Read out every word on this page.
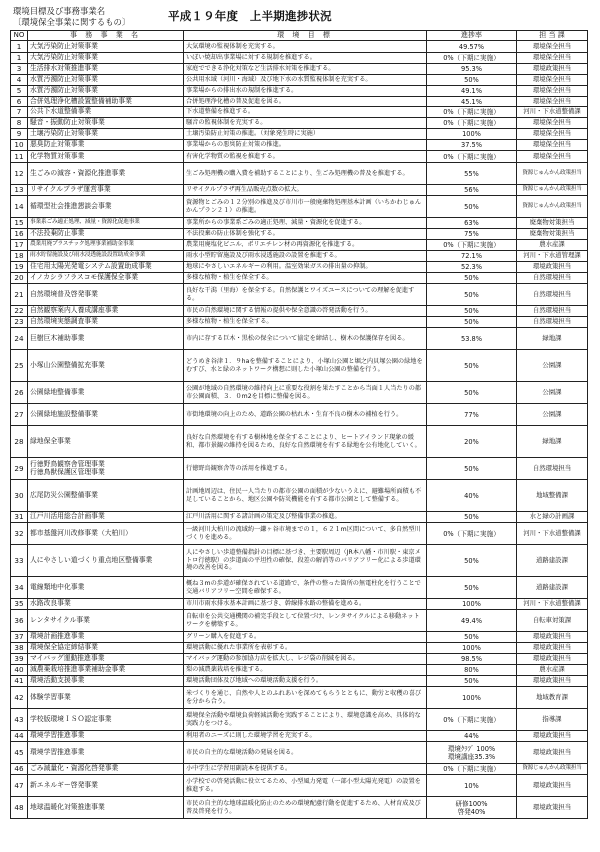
環境目標及び事務事業名
〔環境保全事業に関するもの〕	平成１９年度　上半期進捗状況
NO	事 務 事 業 名	環 境 目 標	進捗率	担 当 課
1	大気汚染防止対策事業	大気環境の監視体制を充実する。	49.57%	環境保全担当
1	大気汚染防止対策事業	いぼい焼却出事業場に対する規制を推進する。	0%（下期に実施）	環境保全担当
3	生活排水対策推進事業	家庭でできる浄化対策など生活排水対策を推進する。	95.3%	環境政策担当
4	水質汚濁防止対策事業	公共用水域（河川・海域）及び地下水の水質監視体制を充実する。	50%	環境保全担当
5	水質汚濁防止対策事業	事業場からの排出水の規制を推進する。	49.1%	環境保全担当
6	合併処理浄化槽設置整備補助事業	合併処理浄化槽の普及促進を図る。	45.1%	環境保全担当
7	公共下水道整備事業	下水道整備を推進する。	0%（下期に実施）	河川・下水道整備課
8	騒音・振動防止対策事業	騒音の監視体制を充実する。	0%（下期に実施）	環境保全担当
9	土壌汚染防止対策事業	土壌汚染防止対策の推進。（対象発生時に実施）	100%	環境保全担当
10	悪臭防止対策事業	事業場からの悪臭防止対策の推進。	37.5%	環境保全担当
11	化学物質対策事業	有害化学物質の監視を推進する。	0%（下期に実施）	環境保全担当
12	生ごみの減容・資源化推進事業	生ごみ処理機の購入費を補助することにより、生ごみ処理機の普及を推進する。	55%	資源じゅんかん政策担当
13	リサイクルプラザ運営事業	リサイクルプラザ再生品販売点数の拡大。	56%	資源じゅんかん政策担当
14	循環型社会推進懇談会事業	資源物とごみの１２分別の推進及び市川市一般廃棄物処理基本計画（いちかわじゅんかんプラン２１）の推進。	50%	資源じゅんかん政策担当
15	事業系ごみ適正処理、減量・資源化促進事業	事業所からの事業系ごみの適正処理、減量・資源化を促進する。	63%	廃棄物対策担当
16	不法投棄防止事業	不法投棄の防止体制を強化する。	75%	廃棄物対策担当
17	農業用廃プラスチック処理事業補助金事業	農業用廃塩化ビニル、ポリエチレン材の再資源化を推進する。	0%（下期に実施）	農水産課
18	雨水貯留施設及び雨水浸透施設設置助成金事業	雨水小型貯留施設及び雨水浸透施設の設置を推進する。	72.1%	河川・下水道管理課
19	住宅用太陽光発電システム設置助成事業	地球にやさしいエネルギーの利用。温室効果ガスの排出量の抑制。	52.3%	環境政策担当
20	イノカシラフラスコモ保護保全事業	多様な植物・植生を保全する。	50%	自然環境担当
21	自然環境普及啓発事業	良好な干潟（里海）を保全する。自然保護とワイズユースについての理解を促進する。	50%	自然環境担当
22	自然観察案内人養成講座事業	市民の自然環境に関する情報の提供や保全意識の啓発活動を行う。	50%	自然環境担当
23	自然環境実態調査事業	多様な植物・植生を保全する。	50%	自然環境担当
24	巨樹巨木補助事業	市内に存する巨木・黒松の保全について協定を締結し、樹木の保護保存を図る。	53.8%	緑地課
25	小塚山公園整備拡充事業	どうめき谷津１．９haを整備することにより、小塚山公園と堀之内貝塚公園の緑地をむすび、水と緑のネットワーク構想に則した小塚山公園の整備を行う。	50%	公園課
26	公園緑地整備事業	公園が地域の自然環境の維持向上に重要な役割を果たすことから当面１人当たりの都市公園面積、３．０m2を目標に整備を図る。	50%	公園課
27	公園緑地施設整備事業	市街地環境の向上のため、道路公園の枯れ木・生育不良の樹木の補植を行う。	77%	公園課
28	緑地保全事業	良好な自然環境を有する樹林地を保全することにより、ヒートアイランド現象の緩和、都市景観の維持を図るため、良好な自然環境を有する緑地を公有地化していく。	20%	緑地課
29	行徳野鳥観察舎管理事業
行徳鳥獣保護区管理事業	行徳野鳥観察舎等の活用を推進する。	50%	自然環境担当
30	広尾防災公園整備事業	計画地周辺は、住民一人当たりの都市公園の面積が少ないうえに、避難場所面積も不足していることから、地区公園や防災機能を有する都市公園として整備する。	40%	地域整備課
31	江戸川活用総合計画事業	江戸川活用に関する諸計画の策定及び整備事業の推進。	50%	水と緑の計画課
32	都市基盤河川改修事業（大柏川）	一級河川大柏川の流域約一鎌ヶ谷市境までの１，６２１m区間について、多自然型川づくりを進める。	0%（下期に実施）	河川・下水道整備課
33	人にやさしい道づくり重点地区整備事業	人にやさしい歩道整備指針の目標に基づき、主要駅周辺（JR本八幡・市川駅・東京メトロ行徳駅）の歩道面の平坦性の確保、段差の解消等のバリアフリー化による歩道環境の改善を図る。	50%	道路建設課
34	電線類地中化事業	概ね３mの歩道が確保されている道路で、条件の整った箇所の無電柱化を行うことで交通バリアフリー空間を確保する。	50%	道路建設課
35	水路改良事業	市川市雨水排水基本計画に基づき、幹線排水路の整備を進める。	100%	河川・下水道整備課
36	レンタサイクル事業	自転車を公共交通機関の補完手段として位置づけ、レンタサイクルによる移動ネットワークを構築する。	49.4%	自転車対策課
37	環境計画推進事業	グリーン購入を促進する。	50%	環境政策担当
38	環境保全協定締結事業	環境活動に優れた事業所を表彰する。	100%	環境政策担当
39	マイバッグ運動推進事業	マイバッグ運動の参加協力店を拡大し、レジ袋の削減を図る。	98.5%	環境政策担当
40	減農薬栽培推進事業補助金事業	梨の減農薬栽培を推進する。	80%	農水産課
41	環境活動支援事業	環境活動団体及び地域への環境活動支援を行う。	50%	環境政策担当
42	体験学習事業	米づくりを通じ、自然や人とのふれあいを深めてもらうとともに、動労と収穫の喜びを分から合う。	100%	地域教育課
43	学校版環境ＩＳＯ認定事業	環境保全活動や環境負荷軽減活動を実践することにより、環境意識を高め、具体的な実践力をつける。	0%（下期に実施）	指導課
44	環境学習推進事業	利用者のニーズに則した環境学習を充実する。	44%	環境政策担当
45	環境学習推進事業	市民の自主的な環境活動の発展を図る。	環境ｸﾗﾌﾞ 100%
環境講座35.3%	環境政策担当
46	ごみ減量化・資源化啓発事業	小中学生に学習用副読本を提供する。	0%（下期に実施）	資源じゅんかん政策担当
47	新エネルギー啓発事業	小学校での啓発活動に役立てるため、小型風力発電（一部小型太陽光発電）の設置を推進する。	10%	環境政策担当
48	地球温暖化対策推進事業	市民の自主的な地球温暖化防止のための環境配慮行動を促進するため、人材育成及び普及啓発を行う。	研修100%
啓発40%	環境政策担当
